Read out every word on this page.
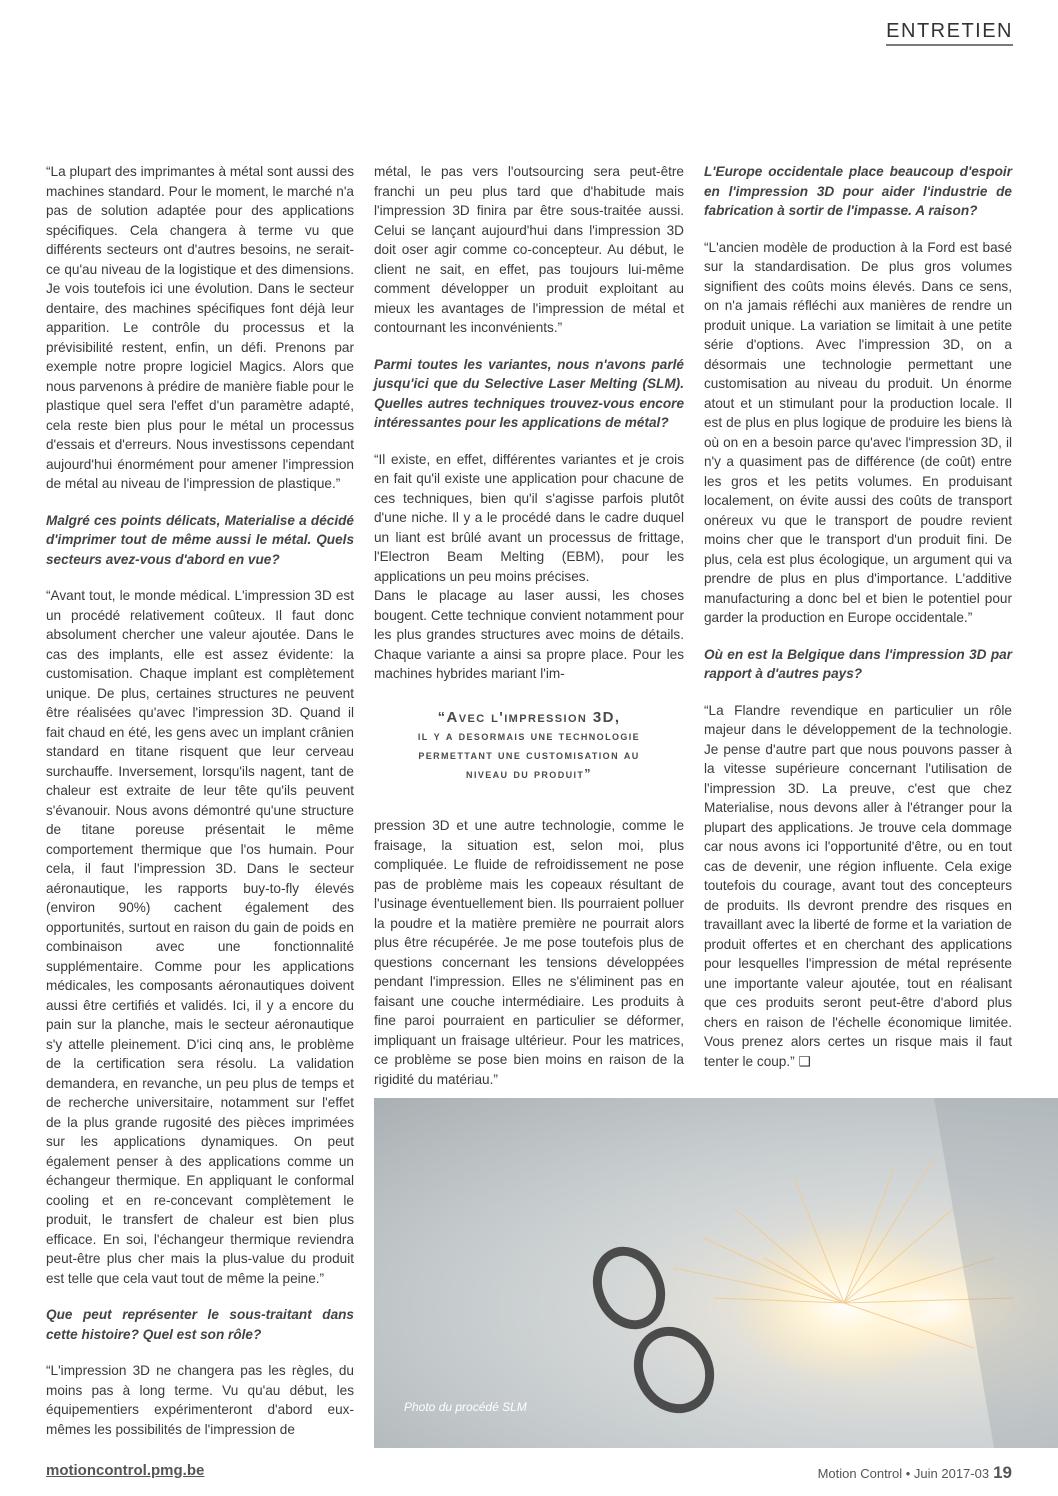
ENTRETIEN

“La plupart des imprimantes à métal sont aussi des machines standard. Pour le moment, le marché n'a pas de solution adaptée pour des applications spécifiques. Cela changera à terme vu que différents secteurs ont d'autres besoins, ne serait-ce qu'au niveau de la logistique et des dimensions. Je vois toutefois ici une évolution. Dans le secteur dentaire, des machines spécifiques font déjà leur apparition. Le contrôle du processus et la prévisibilité restent, enfin, un défi. Prenons par exemple notre propre logiciel Magics. Alors que nous parvenons à prédire de manière fiable pour le plastique quel sera l'effet d'un paramètre adapté, cela reste bien plus pour le métal un processus d'essais et d'erreurs. Nous investissons cependant aujourd'hui énormément pour amener l'impression de métal au niveau de l'impression de plastique.”

Malgré ces points délicats, Materialise a décidé d'imprimer tout de même aussi le métal. Quels secteurs avez-vous d'abord en vue?

“Avant tout, le monde médical. L'impression 3D est un procédé relativement coûteux. Il faut donc absolument chercher une valeur ajoutée. Dans le cas des implants, elle est assez évidente: la customisation. Chaque implant est complètement unique. De plus, certaines structures ne peuvent être réalisées qu'avec l'impression 3D. Quand il fait chaud en été, les gens avec un implant crânien standard en titane risquent que leur cerveau surchauffe. Inversement, lorsqu'ils nagent, tant de chaleur est extraite de leur tête qu'ils peuvent s'évanouir. Nous avons démontré qu'une structure de titane poreuse présentait le même comportement thermique que l'os humain. Pour cela, il faut l'impression 3D. Dans le secteur aéronautique, les rapports buy-to-fly élevés (environ 90%) cachent également des opportunités, surtout en raison du gain de poids en combinaison avec une fonctionnalité supplémentaire. Comme pour les applications médicales, les composants aéronautiques doivent aussi être certifiés et validés. Ici, il y a encore du pain sur la planche, mais le secteur aéronautique s'y attelle pleinement. D'ici cinq ans, le problème de la certification sera résolu. La validation demandera, en revanche, un peu plus de temps et de recherche universitaire, notamment sur l'effet de la plus grande rugosité des pièces imprimées sur les applications dynamiques. On peut également penser à des applications comme un échangeur thermique. En appliquant le conformal cooling et en re-concevant complètement le produit, le transfert de chaleur est bien plus efficace. En soi, l'échangeur thermique reviendra peut-être plus cher mais la plus-value du produit est telle que cela vaut tout de même la peine.”

Que peut représenter le sous-traitant dans cette histoire? Quel est son rôle?

“L'impression 3D ne changera pas les règles, du moins pas à long terme. Vu qu'au début, les équipementiers expérimenteront d'abord eux-mêmes les possibilités de l'impression de

métal, le pas vers l'outsourcing sera peut-être franchi un peu plus tard que d'habitude mais l'impression 3D finira par être sous-traitée aussi. Celui se lançant aujourd'hui dans l'impression 3D doit oser agir comme co-concepteur. Au début, le client ne sait, en effet, pas toujours lui-même comment développer un produit exploitant au mieux les avantages de l'impression de métal et contournant les inconvénients.”

Parmi toutes les variantes, nous n'avons parlé jusqu'ici que du Selective Laser Melting (SLM). Quelles autres techniques trouvez-vous encore intéressantes pour les applications de métal?

“Il existe, en effet, différentes variantes et je crois en fait qu'il existe une application pour chacune de ces techniques, bien qu'il s'agisse parfois plutôt d'une niche. Il y a le procédé dans le cadre duquel un liant est brûlé avant un processus de frittage, l'Electron Beam Melting (EBM), pour les applications un peu moins précises.

Dans le placage au laser aussi, les choses bougent. Cette technique convient notamment pour les plus grandes structures avec moins de détails. Chaque variante a ainsi sa propre place. Pour les machines hybrides mariant l'im-

“Avec l'impression 3D,
il y a desormais une technologie
permettant une customisation au
niveau du produit”

pression 3D et une autre technologie, comme le fraisage, la situation est, selon moi, plus compliquée. Le fluide de refroidissement ne pose pas de problème mais les copeaux résultant de l'usinage éventuellement bien. Ils pourraient polluer la poudre et la matière première ne pourrait alors plus être récupérée. Je me pose toutefois plus de questions concernant les tensions développées pendant l'impression. Elles ne s'éliminent pas en faisant une couche intermédiaire. Les produits à fine paroi pourraient en particulier se déformer, impliquant un fraisage ultérieur. Pour les matrices, ce problème se pose bien moins en raison de la rigidité du matériau.”

L'Europe occidentale place beaucoup d'espoir en l'impression 3D pour aider l'industrie de fabrication à sortir de l'impasse. A raison?

“L'ancien modèle de production à la Ford est basé sur la standardisation. De plus gros volumes signifient des coûts moins élevés. Dans ce sens, on n'a jamais réfléchi aux manières de rendre un produit unique. La variation se limitait à une petite série d'options. Avec l'impression 3D, on a désormais une technologie permettant une customisation au niveau du produit. Un énorme atout et un stimulant pour la production locale. Il est de plus en plus logique de produire les biens là où on en a besoin parce qu'avec l'impression 3D, il n'y a quasiment pas de différence (de coût) entre les gros et les petits volumes. En produisant localement, on évite aussi des coûts de transport onéreux vu que le transport de poudre revient moins cher que le transport d'un produit fini. De plus, cela est plus écologique, un argument qui va prendre de plus en plus d'importance. L'additive manufacturing a donc bel et bien le potentiel pour garder la production en Europe occidentale.”

Où en est la Belgique dans l'impression 3D par rapport à d'autres pays?

“La Flandre revendique en particulier un rôle majeur dans le développement de la technologie. Je pense d'autre part que nous pouvons passer à la vitesse supérieure concernant l'utilisation de l'impression 3D. La preuve, c'est que chez Materialise, nous devons aller à l'étranger pour la plupart des applications. Je trouve cela dommage car nous avons ici l'opportunité d'être, ou en tout cas de devenir, une région influente. Cela exige toutefois du courage, avant tout des concepteurs de produits. Ils devront prendre des risques en travaillant avec la liberté de forme et la variation de produit offertes et en cherchant des applications pour lesquelles l'impression de métal représente une importante valeur ajoutée, tout en réalisant que ces produits seront peut-être d'abord plus chers en raison de l'échelle économique limitée. Vous prenez alors certes un risque mais il faut tenter le coup.” ❑

Photo du procédé SLM
motioncontrol.pmg.be	Motion Control • Juin 2017-03 19
